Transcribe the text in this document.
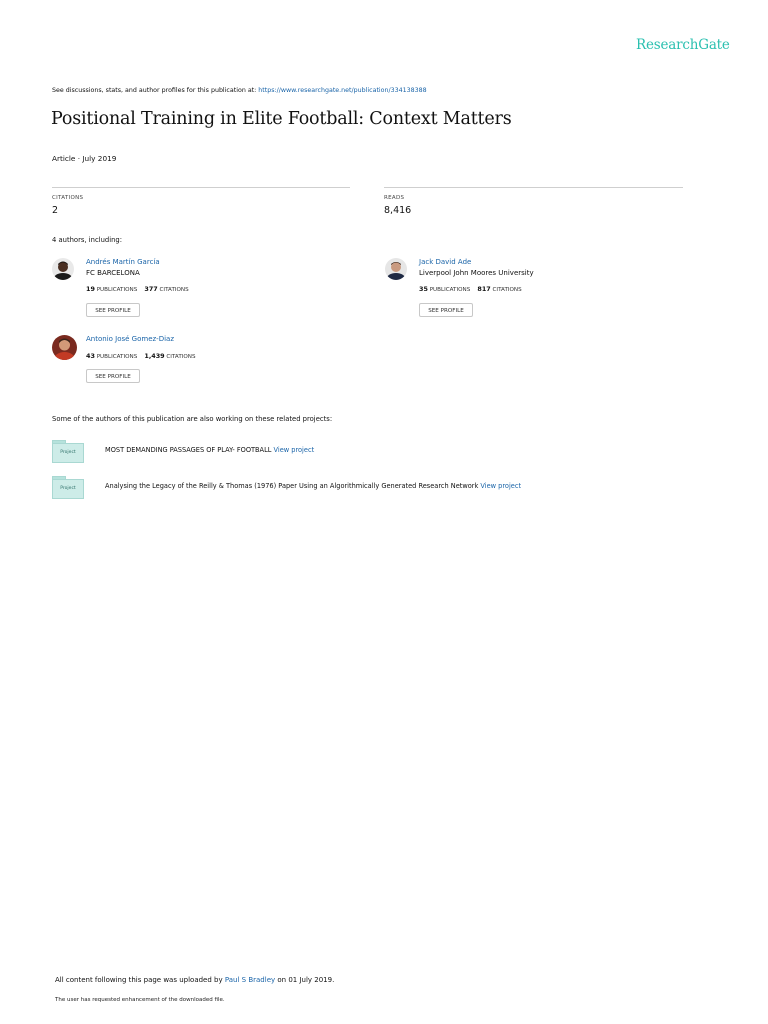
ResearchGate
See discussions, stats, and author profiles for this publication at: https://www.researchgate.net/publication/334138388
Positional Training in Elite Football: Context Matters
Article · July 2019
CITATIONS
2
READS
8,416
4 authors, including:
Andrés Martín García
FC BARCELONA
19 PUBLICATIONS 377 CITATIONS
SEE PROFILE
Jack David Ade
Liverpool John Moores University
35 PUBLICATIONS 817 CITATIONS
SEE PROFILE
Antonio José Gomez-Diaz
43 PUBLICATIONS 1,439 CITATIONS
SEE PROFILE
Some of the authors of this publication are also working on these related projects:
Project	MOST DEMANDING PASSAGES OF PLAY- FOOTBALL View project
Project	Analysing the Legacy of the Reilly & Thomas (1976) Paper Using an Algorithmically Generated Research Network View project
All content following this page was uploaded by Paul S Bradley on 01 July 2019.
The user has requested enhancement of the downloaded file.
